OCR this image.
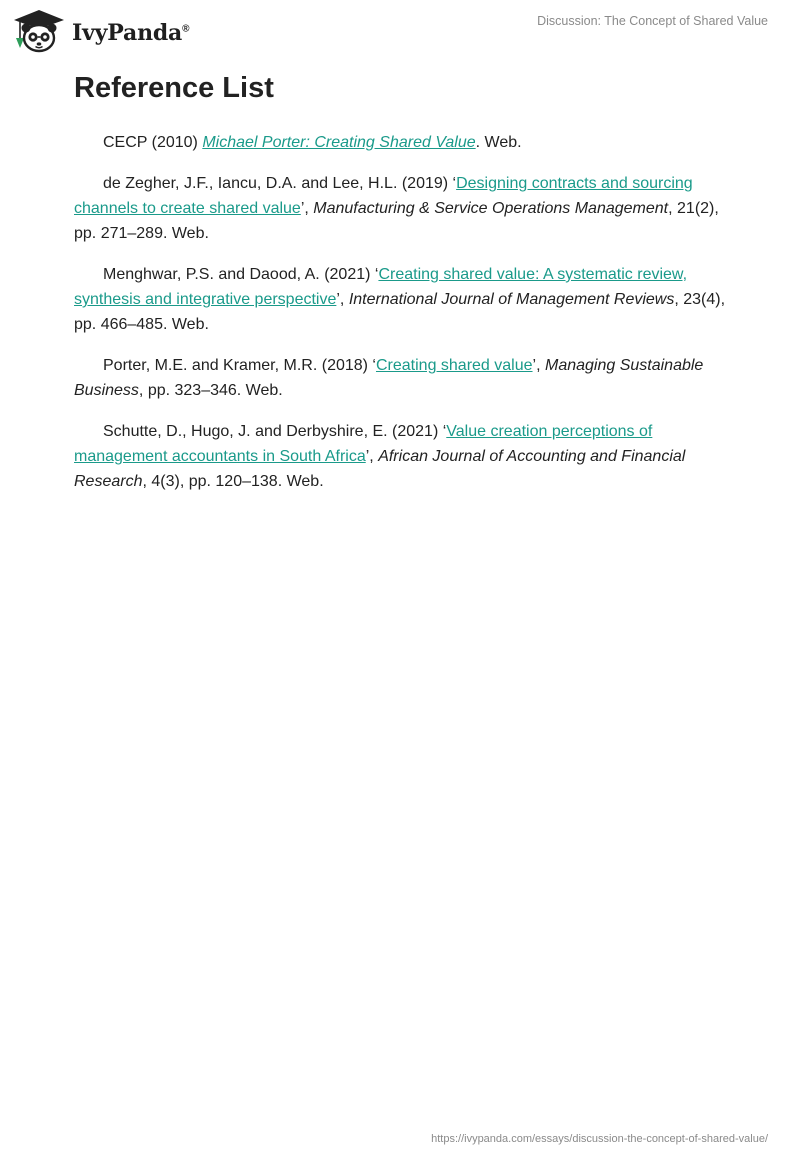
IvyPanda®
Discussion: The Concept of Shared Value
Reference List

CECP (2010) Michael Porter: Creating Shared Value. Web.

de Zegher, J.F., Iancu, D.A. and Lee, H.L. (2019) ‘Designing contracts and sourcing channels to create shared value’, Manufacturing & Service Operations Management, 21(2), pp. 271–289. Web.

Menghwar, P.S. and Daood, A. (2021) ‘Creating shared value: A systematic review, synthesis and integrative perspective’, International Journal of Management Reviews, 23(4), pp. 466–485. Web.

Porter, M.E. and Kramer, M.R. (2018) ‘Creating shared value’, Managing Sustainable Business, pp. 323–346. Web.

Schutte, D., Hugo, J. and Derbyshire, E. (2021) ‘Value creation perceptions of management accountants in South Africa’, African Journal of Accounting and Financial Research, 4(3), pp. 120–138. Web.

https://ivypanda.com/essays/discussion-the-concept-of-shared-value/
